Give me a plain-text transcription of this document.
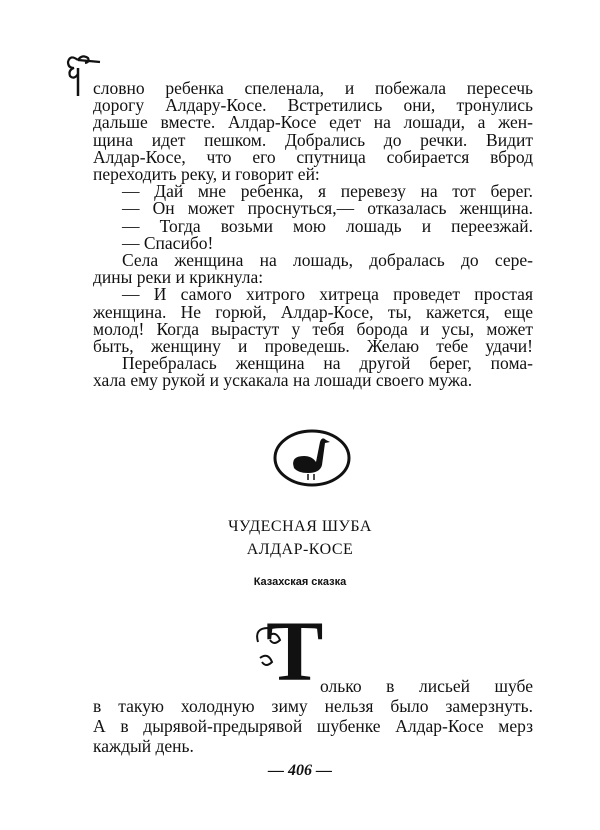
словно ребенка спеленала, и побежала пересечь
дорогу Алдару-Косе. Встретились они, тронулись
дальше вместе. Алдар-Косе едет на лошади, а жен-
щина идет пешком. Добрались до речки. Видит
Алдар-Косе, что его спутница собирается вброд
переходить реку, и говорит ей:
— Дай мне ребенка, я перевезу на тот берег.
— Он может проснуться,— отказалась женщина.
— Тогда возьми мою лошадь и переезжай.
— Спасибо!
Села женщина на лошадь, добралась до сере-
дины реки и крикнула:
— И самого хитрого хитреца проведет простая
женщина. Не горюй, Алдар-Косе, ты, кажется, еще
молод! Когда вырастут у тебя борода и усы, может
быть, женщину и проведешь. Желаю тебе удачи!
Перебралась женщина на другой берег, пома-
хала ему рукой и ускакала на лошади своего мужа.
ЧУДЕСНАЯ ШУБА
АЛДАР-КОСЕ
Казахская сказка
Т
олько в лисьей шубе
в такую холодную зиму нельзя было замерзнуть.
А в дырявой-предырявой шубенке Алдар-Косе мерз
каждый день.
— 406 —
